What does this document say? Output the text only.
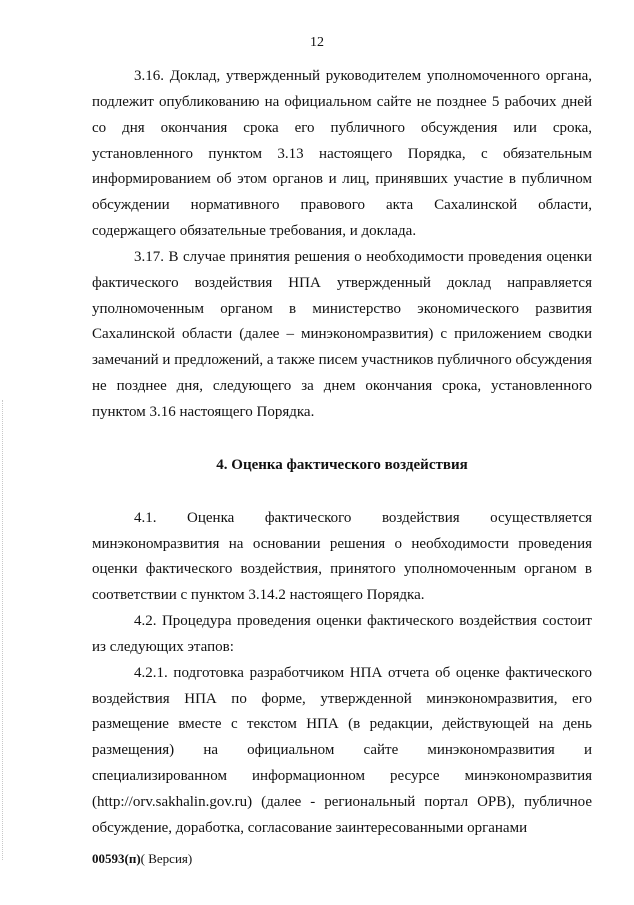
12

3.16. Доклад, утвержденный руководителем уполномоченного органа, подлежит опубликованию на официальном сайте не позднее 5 рабочих дней со дня окончания срока его публичного обсуждения или срока, установленного пунктом 3.13 настоящего Порядка, с обязательным информированием об этом органов и лиц, принявших участие в публичном обсуждении нормативного правового акта Сахалинской области, содержащего обязательные требования, и доклада.

3.17. В случае принятия решения о необходимости проведения оценки фактического воздействия НПА утвержденный доклад направляется уполномоченным органом в министерство экономического развития Сахалинской области (далее – минэкономразвития) с приложением сводки замечаний и предложений, а также писем участников публичного обсуждения не позднее дня, следующего за днем окончания срока, установленного пунктом 3.16 настоящего Порядка.

4. Оценка фактического воздействия

4.1. Оценка фактического воздействия осуществляется минэкономразвития на основании решения о необходимости проведения оценки фактического воздействия, принятого уполномоченным органом в соответствии с пунктом 3.14.2 настоящего Порядка.

4.2. Процедура проведения оценки фактического воздействия состоит из следующих этапов:

4.2.1. подготовка разработчиком НПА отчета об оценке фактического воздействия НПА по форме, утвержденной минэкономразвития, его размещение вместе с текстом НПА (в редакции, действующей на день размещения) на официальном сайте минэкономразвития и специализированном информационном ресурсе минэкономразвития (http://orv.sakhalin.gov.ru) (далее - региональный портал ОРВ), публичное обсуждение, доработка, согласование заинтересованными органами

00593(п)( Версия)
